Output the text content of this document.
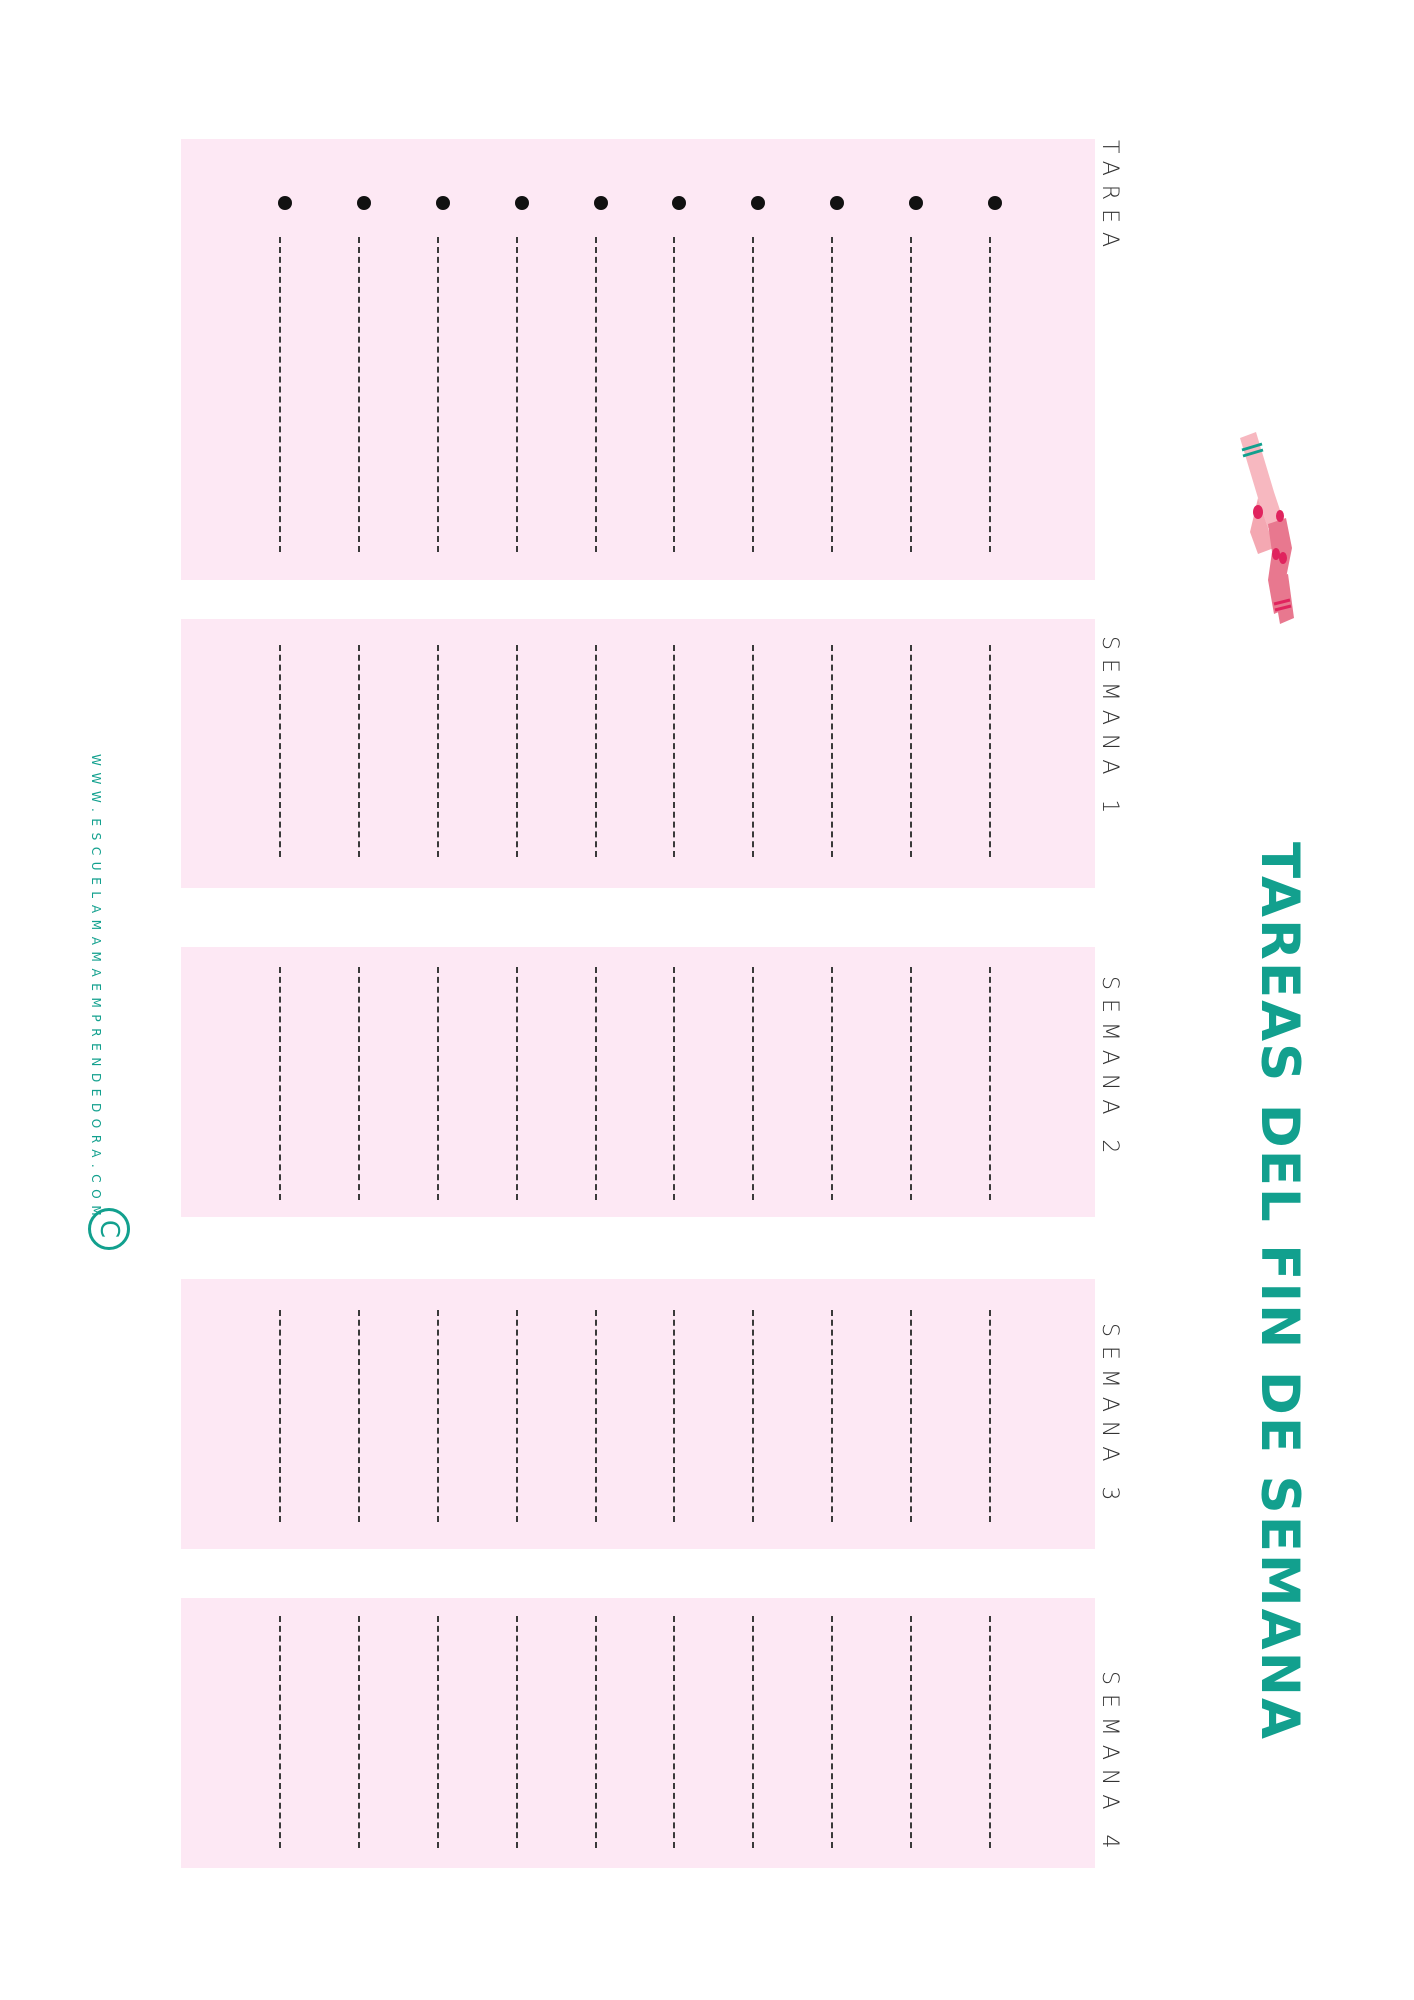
TAREA
SEMANA 1
SEMANA 2
SEMANA 3
SEMANA 4
TAREAS DEL FIN DE SEMANA
WWW.ESCUELAMAMAEMPRENDEDORA.COM
C
